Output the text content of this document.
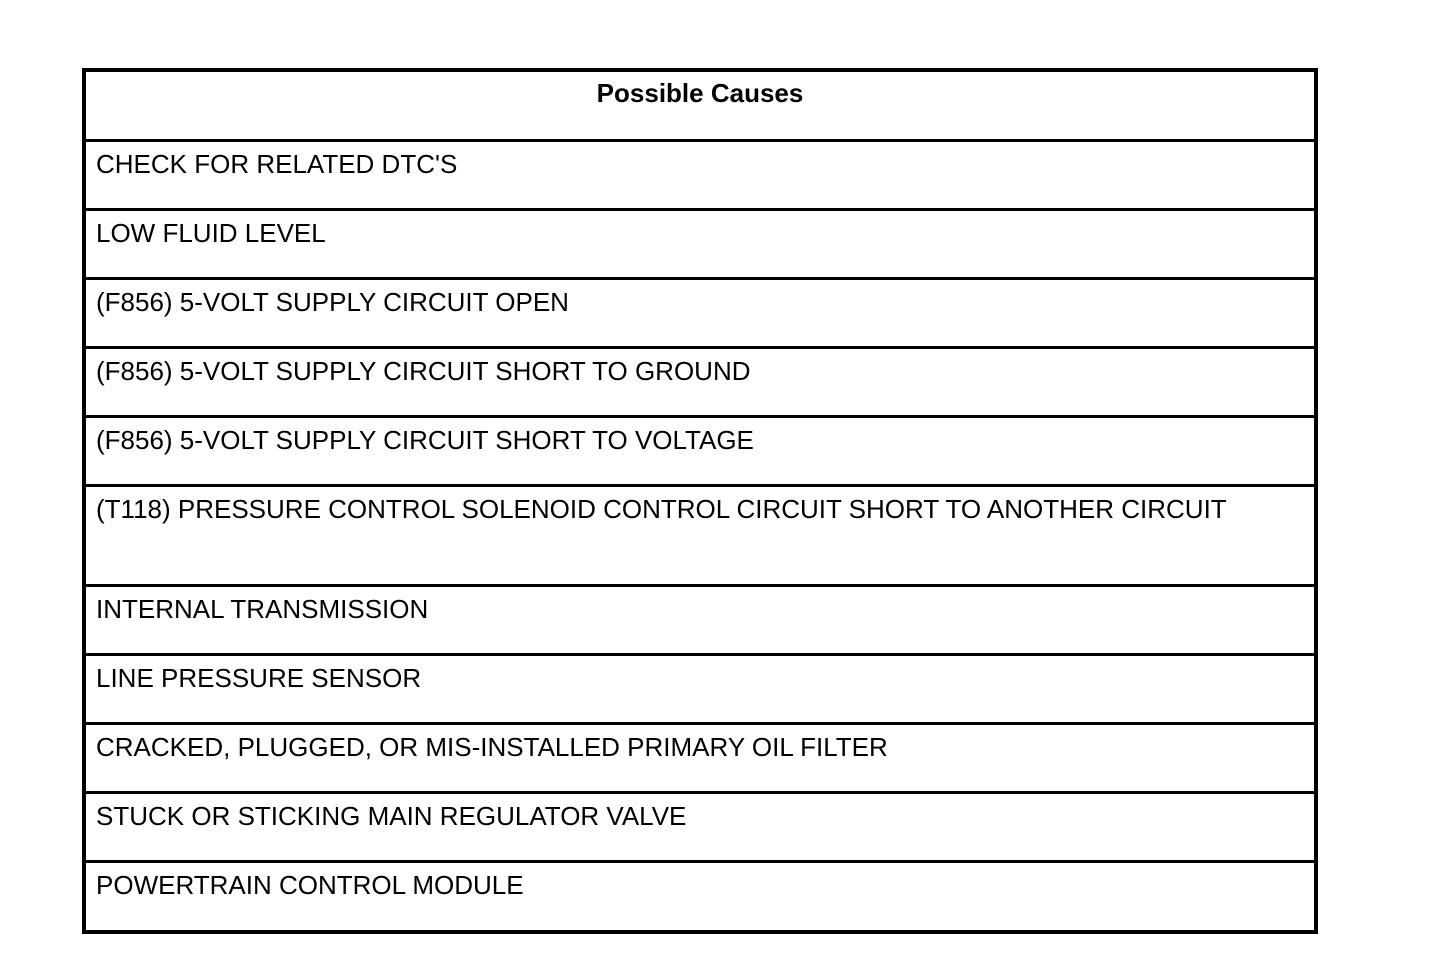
Possible Causes
CHECK FOR RELATED DTC'S
LOW FLUID LEVEL
(F856) 5-VOLT SUPPLY CIRCUIT OPEN
(F856) 5-VOLT SUPPLY CIRCUIT SHORT TO GROUND
(F856) 5-VOLT SUPPLY CIRCUIT SHORT TO VOLTAGE
(T118) PRESSURE CONTROL SOLENOID CONTROL CIRCUIT SHORT TO ANOTHER CIRCUIT
INTERNAL TRANSMISSION
LINE PRESSURE SENSOR
CRACKED, PLUGGED, OR MIS-INSTALLED PRIMARY OIL FILTER
STUCK OR STICKING MAIN REGULATOR VALVE
POWERTRAIN CONTROL MODULE
